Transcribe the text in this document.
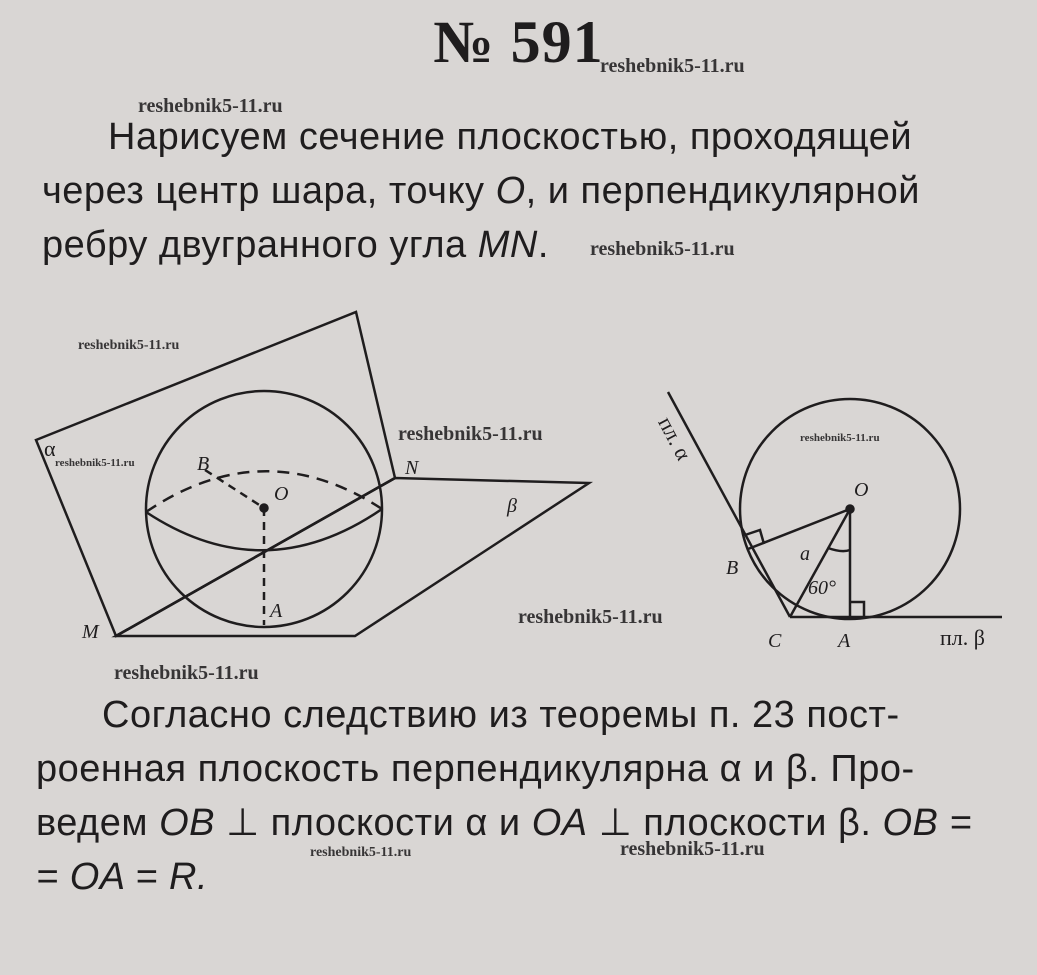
№ 591
Нарисуем сечение плоскостью, проходящей
через центр шара, точку O, и перпендикулярной
ребру двугранного угла MN.
α
β
B
O
N
A
M
пл. α
пл. β
O
B
a
60°
C	A
Согласно следствию из теоремы п. 23 пост-
роенная плоскость перпендикулярна α и β. Про-
ведем OB ⊥ плоскости α и OA ⊥ плоскости β. OB =
= OA = R.
reshebnik5-11.ru
reshebnik5-11.ru
reshebnik5-11.ru
reshebnik5-11.ru
reshebnik5-11.ru	reshebnik5-11.ru
reshebnik5-11.ru
reshebnik5-11.ru
reshebnik5-11.ru
reshebnik5-11.ru	reshebnik5-11.ru
